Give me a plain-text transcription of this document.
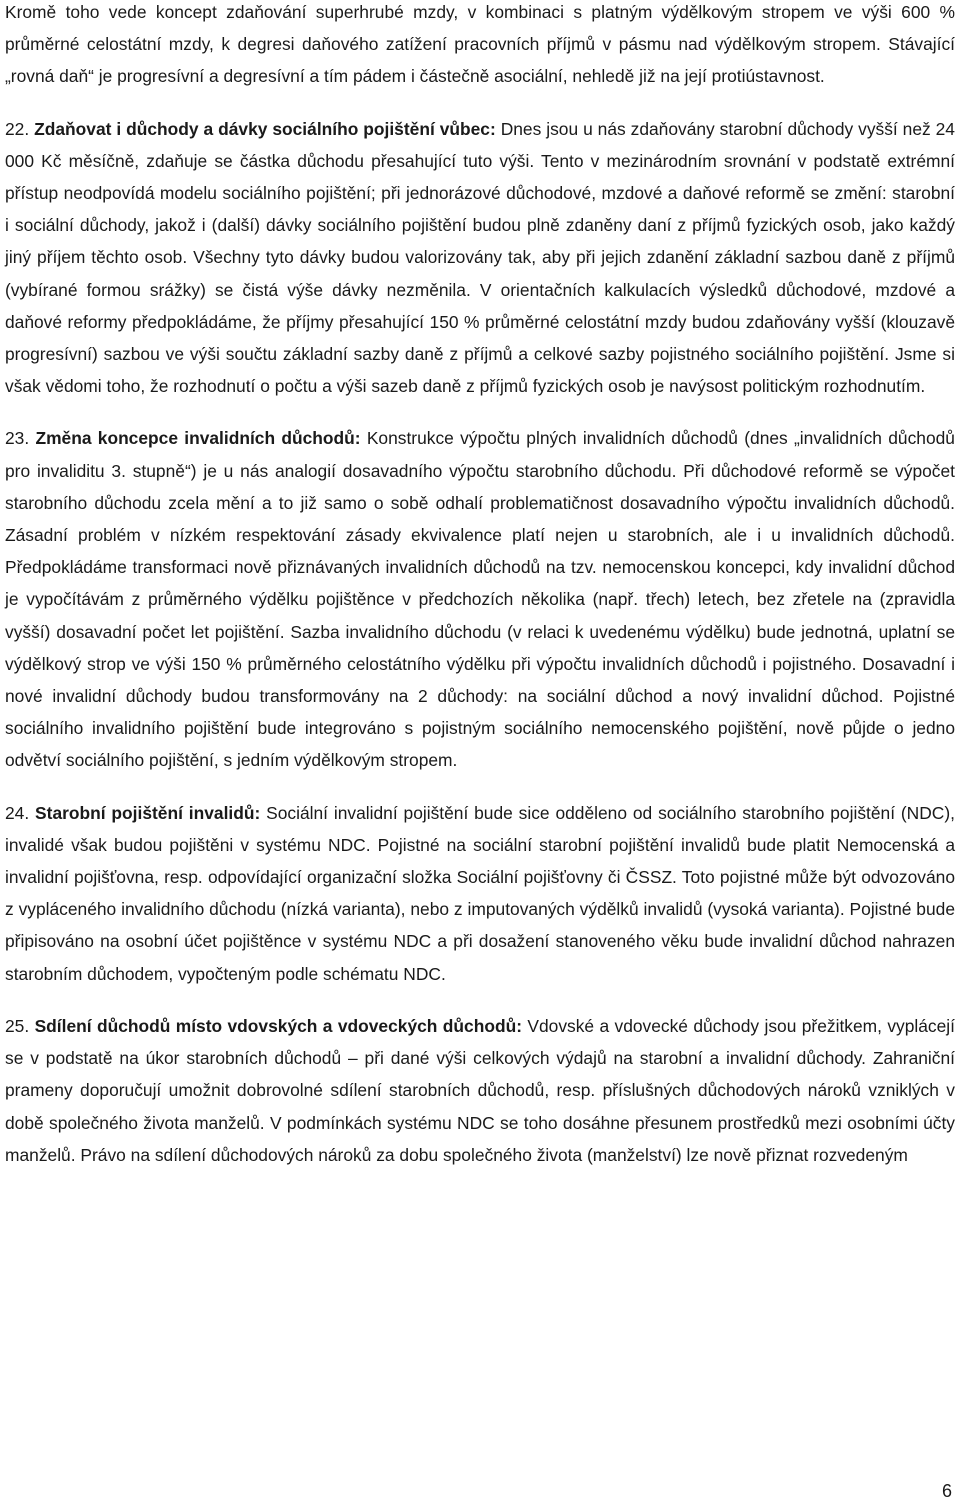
Kromě toho vede koncept zdaňování superhrubé mzdy, v kombinaci s platným výdělkovým stropem ve výši 600 % průměrné celostátní mzdy, k degresi daňového zatížení pracovních příjmů v pásmu nad výdělkovým stropem. Stávající „rovná daň“ je progresívní a degresívní a tím pádem i částečně asociální, nehledě již na její protiústavnost.

22. Zdaňovat i důchody a dávky sociálního pojištění vůbec: Dnes jsou u nás zdaňovány starobní důchody vyšší než 24 000 Kč měsíčně, zdaňuje se částka důchodu přesahující tuto výši. Tento v mezinárodním srovnání v podstatě extrémní přístup neodpovídá modelu sociálního pojištění; při jednorázové důchodové, mzdové a daňové reformě se změní: starobní i sociální důchody, jakož i (další) dávky sociálního pojištění budou plně zdaněny daní z příjmů fyzických osob, jako každý jiný příjem těchto osob. Všechny tyto dávky budou valorizovány tak, aby při jejich zdanění základní sazbou daně z příjmů (vybírané formou srážky) se čistá výše dávky nezměnila. V orientačních kalkulacích výsledků důchodové, mzdové a daňové reformy předpokládáme, že příjmy přesahující 150 % průměrné celostátní mzdy budou zdaňovány vyšší (klouzavě progresívní) sazbou ve výši součtu základní sazby daně z příjmů a celkové sazby pojistného sociálního pojištění. Jsme si však vědomi toho, že rozhodnutí o počtu a výši sazeb daně z příjmů fyzických osob je navýsost politickým rozhodnutím.

23. Změna koncepce invalidních důchodů: Konstrukce výpočtu plných invalidních důchodů (dnes „invalidních důchodů pro invaliditu 3. stupně“) je u nás analogií dosavadního výpočtu starobního důchodu. Při důchodové reformě se výpočet starobního důchodu zcela mění a to již samo o sobě odhalí problematičnost dosavadního výpočtu invalidních důchodů. Zásadní problém v nízkém respektování zásady ekvivalence platí nejen u starobních, ale i u invalidních důchodů. Předpokládáme transformaci nově přiznávaných invalidních důchodů na tzv. nemocenskou koncepci, kdy invalidní důchod je vypočítávám z průměrného výdělku pojištěnce v předchozích několika (např. třech) letech, bez zřetele na (zpravidla vyšší) dosavadní počet let pojištění. Sazba invalidního důchodu (v relaci k uvedenému výdělku) bude jednotná, uplatní se výdělkový strop ve výši 150 % průměrného celostátního výdělku při výpočtu invalidních důchodů i pojistného. Dosavadní i nové invalidní důchody budou transformovány na 2 důchody: na sociální důchod a nový invalidní důchod. Pojistné sociálního invalidního pojištění bude integrováno s pojistným sociálního nemocenského pojištění, nově půjde o jedno odvětví sociálního pojištění, s jedním výdělkovým stropem.

24. Starobní pojištění invalidů: Sociální invalidní pojištění bude sice odděleno od sociálního starobního pojištění (NDC), invalidé však budou pojištěni v systému NDC. Pojistné na sociální starobní pojištění invalidů bude platit Nemocenská a invalidní pojišťovna, resp. odpovídající organizační složka Sociální pojišťovny či ČSSZ. Toto pojistné může být odvozováno z vypláceného invalidního důchodu (nízká varianta), nebo z imputovaných výdělků invalidů (vysoká varianta). Pojistné bude připisováno na osobní účet pojištěnce v systému NDC a při dosažení stanoveného věku bude invalidní důchod nahrazen starobním důchodem, vypočteným podle schématu NDC.

25. Sdílení důchodů místo vdovských a vdoveckých důchodů: Vdovské a vdovecké důchody jsou přežitkem, vyplácejí se v podstatě na úkor starobních důchodů – při dané výši celkových výdajů na starobní a invalidní důchody. Zahraniční prameny doporučují umožnit dobrovolné sdílení starobních důchodů, resp. příslušných důchodových nároků vzniklých v době společného života manželů. V podmínkách systému NDC se toho dosáhne přesunem prostředků mezi osobními účty manželů. Právo na sdílení důchodových nároků za dobu společného života (manželství) lze nově přiznat rozvedeným

6
